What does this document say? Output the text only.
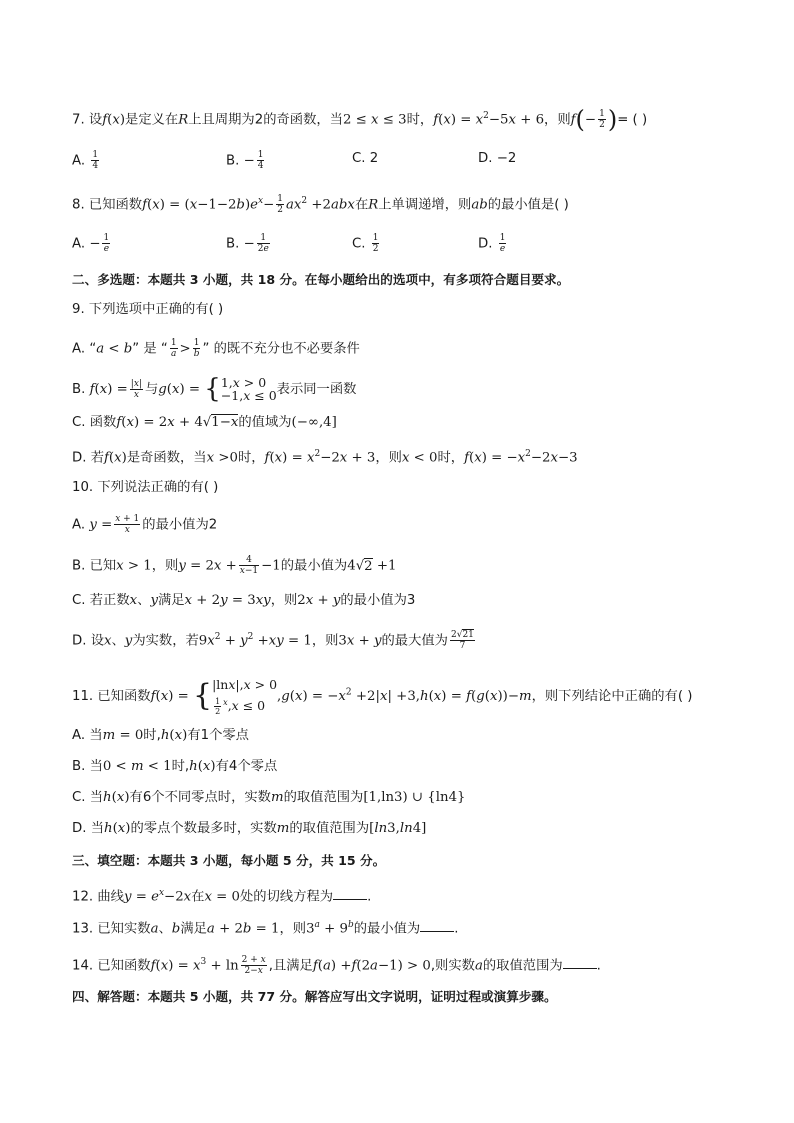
7. 设f(x)是定义在R上且周期为2的奇函数，当2 ≤ x ≤ 3时，$f(x) = x^2-5x + 6$，则$f(- \frac{1}{2}$ )= ( )
A. $\frac{1}{4}$	B. − $\frac{1}{4}$	C. 2	D. −2
8. 已知函数$f(x) = (x-1-2b)e^x- \frac{1}{2} ax^2 +2abx$在R上单调递增，则ab的最小值是( )
A. − $\frac{1}{e}$	B. − $\frac{1}{2e}$	C. $\frac{1}{2}$	D. $\frac{1}{e}$
二、多选题：本题共 3 小题，共 18 分。在每小题给出的选项中，有多项符合题目要求。
9. 下列选项中正确的有( )
A. “a < b” 是 “ $\frac{1}{a} > \frac{1}{b}$ ” 的既不充分也不必要条件
B. $f(x) = \frac{|x|}{x}$ 与g(x) = { 1,x > 0
−1,x ≤ 0 表示同一函数
C. 函数f(x) = 2x + 4√1−x的值域为(−∞,4]
D. 若f(x)是奇函数，当x >0时，$f(x) = x^2-2x + 3$，则x < 0时，$f(x) = -x^2-2x-3$
10. 下列说法正确的有( )
A. $y = \frac{x + 1}{x}$ 的最小值为2
B. 已知x > 1，则$y = 2x + \frac{4}{x-1} -1$的最小值为4√2 +1
C. 若正数x、y满足x + 2y = 3xy，则2x + y的最小值为3
D. 设x、y为实数，若$9x^2 + y^2 +xy = 1$，则3x + y的最大值为 $\frac{2√21}{7}$
11. 已知函数f(x) = { |lnx|,x > 0
$\frac{1}{2} ^x,x \le 0$
$,g(x) = -x^2 +2|x| +3,h(x) = f(g(x))-m$，则下列结论中正确的有( )
A. 当m = 0时,h(x)有1个零点
B. 当0 < m < 1时,h(x)有4个零点
C. 当h(x)有6个不同零点时，实数m的取值范围为[1,ln3) ∪ {ln4}
D. 当h(x)的零点个数最多时，实数m的取值范围为[ln3,ln4]
三、填空题：本题共 3 小题，每小题 5 分，共 15 分。
12. 曲线$y = e^x-2x$在x = 0处的切线方程为	.
13. 已知实数a、b满足a + 2b = 1，则$3^a + 9^b$的最小值为	.
14. 已知函数$f(x) = x^3 + \ln \frac{2 + x}{2-x}$ ,且满足f(a) +f(2a−1) > 0,则实数a的取值范围为	.
四、解答题：本题共 5 小题，共 77 分。解答应写出文字说明，证明过程或演算步骤。
